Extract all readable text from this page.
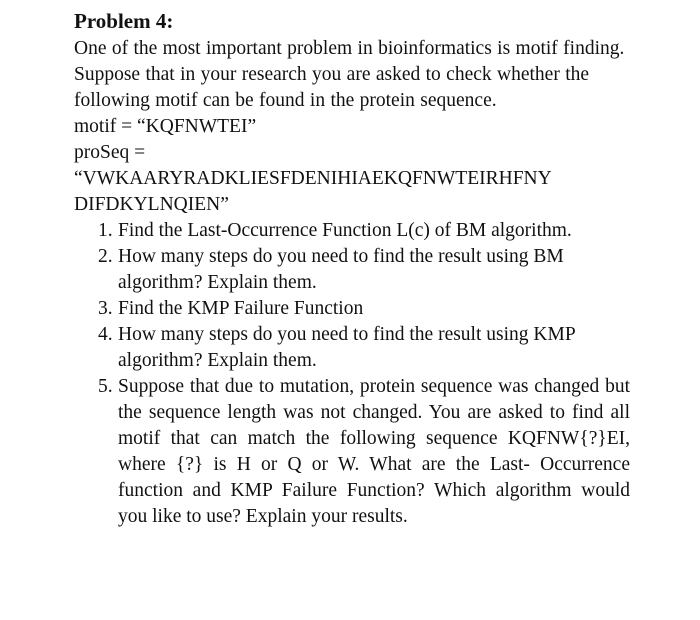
Problem 4:

One of the most important problem in bioinformatics is motif finding. Suppose that in your research you are asked to check whether the following motif can be found in the protein sequence.

motif = “KQFNWTEI”

proSeq =

“VWKAARYRADKLIESFDENIHIAEKQFNWTEIRHFNY

DIFDKYLNQIEN”

1. Find the Last-Occurrence Function L(c) of BM algorithm.
2. How many steps do you need to find the result using BM algorithm? Explain them.
3. Find the KMP Failure Function
4. How many steps do you need to find the result using KMP algorithm? Explain them.
5. Suppose that due to mutation, protein sequence was changed but the sequence length was not changed. You are asked to find all motif that can match the following sequence KQFNW{?}EI, where {?} is H or Q or W. What are the Last- Occurrence function and KMP Failure Function? Which algorithm would you like to use? Explain your results.
